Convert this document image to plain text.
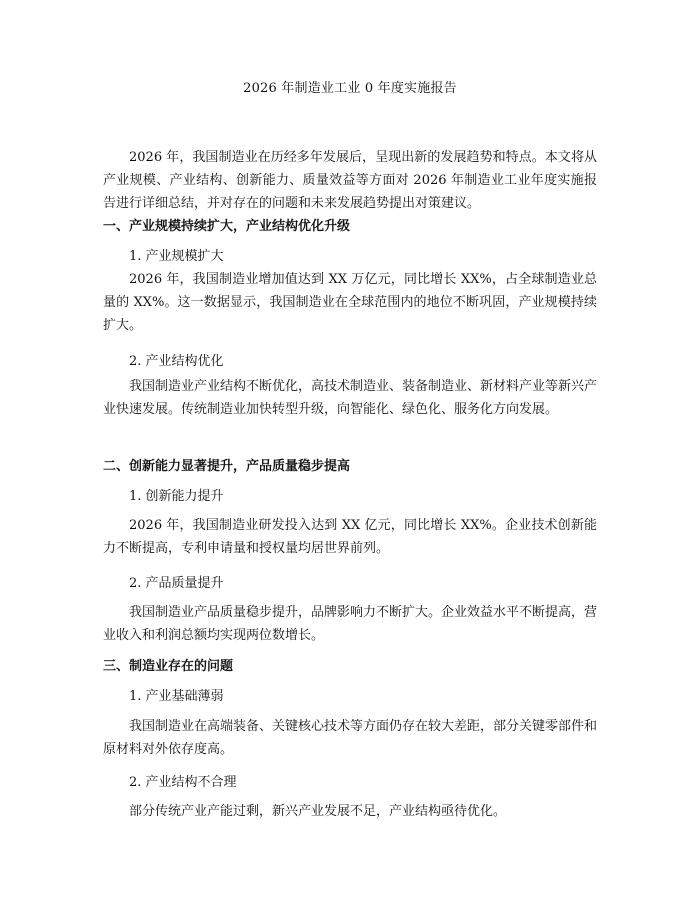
2026 年制造业工业 0 年度实施报告

2026 年，我国制造业在历经多年发展后，呈现出新的发展趋势和特点。本文将从产业规模、产业结构、创新能力、质量效益等方面对 2026 年制造业工业年度实施报告进行详细总结，并对存在的问题和未来发展趋势提出对策建议。

一、产业规模持续扩大，产业结构优化升级
1. 产业规模扩大

2026 年，我国制造业增加值达到 XX 万亿元，同比增长 XX%，占全球制造业总量的 XX%。这一数据显示，我国制造业在全球范围内的地位不断巩固，产业规模持续扩大。

2. 产业结构优化

我国制造业产业结构不断优化，高技术制造业、装备制造业、新材料产业等新兴产业快速发展。传统制造业加快转型升级，向智能化、绿色化、服务化方向发展。

二、创新能力显著提升，产品质量稳步提高
1. 创新能力提升

2026 年，我国制造业研发投入达到 XX 亿元，同比增长 XX%。企业技术创新能力不断提高，专利申请量和授权量均居世界前列。

2. 产品质量提升

我国制造业产品质量稳步提升，品牌影响力不断扩大。企业效益水平不断提高，营业收入和利润总额均实现两位数增长。

三、制造业存在的问题
1. 产业基础薄弱

我国制造业在高端装备、关键核心技术等方面仍存在较大差距，部分关键零部件和原材料对外依存度高。

2. 产业结构不合理

部分传统产业产能过剩，新兴产业发展不足，产业结构亟待优化。
